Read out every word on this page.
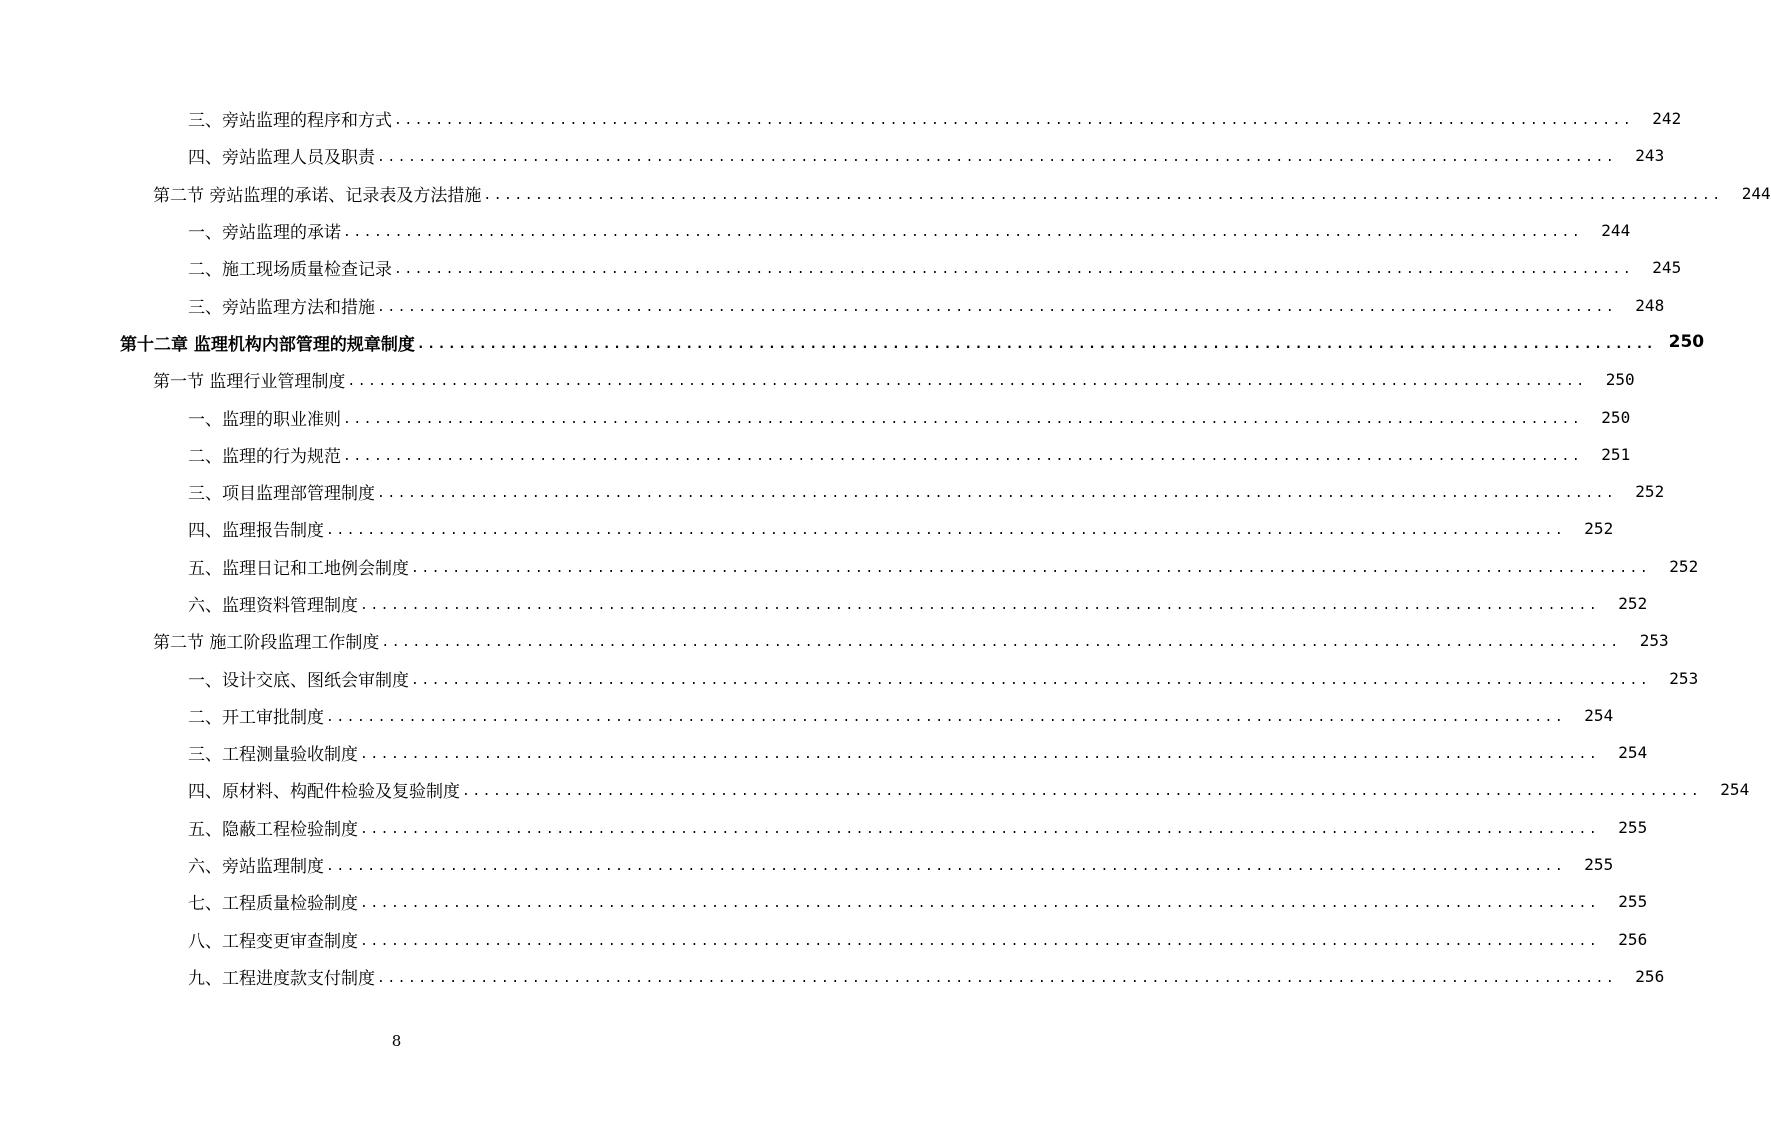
三、旁站监理的程序和方式 ........................................................................................................................	242
四、旁站监理人员及职责 ........................................................................................................................	243
第二节 旁站监理的承诺、记录表及方法措施 ........................................................................................................................	244
一、旁站监理的承诺 ........................................................................................................................	244
二、施工现场质量检查记录 ........................................................................................................................	245
三、旁站监理方法和措施 ........................................................................................................................	248
第十二章 监理机构内部管理的规章制度 ........................................................................................................................ 250
第一节 监理行业管理制度 ........................................................................................................................	250
一、监理的职业准则 ........................................................................................................................	250
二、监理的行为规范 ........................................................................................................................	251
三、项目监理部管理制度 ........................................................................................................................	252
四、监理报告制度 ........................................................................................................................	252
五、监理日记和工地例会制度 ........................................................................................................................	252
六、监理资料管理制度 ........................................................................................................................	252
第二节 施工阶段监理工作制度 ........................................................................................................................	253
一、设计交底、图纸会审制度 ........................................................................................................................	253
二、开工审批制度 ........................................................................................................................	254
三、工程测量验收制度 ........................................................................................................................	254
四、原材料、构配件检验及复验制度 ........................................................................................................................	254
五、隐蔽工程检验制度 ........................................................................................................................	255
六、旁站监理制度 ........................................................................................................................	255
七、工程质量检验制度 ........................................................................................................................	255
八、工程变更审查制度 ........................................................................................................................	256
九、工程进度款支付制度 ........................................................................................................................	256
8
